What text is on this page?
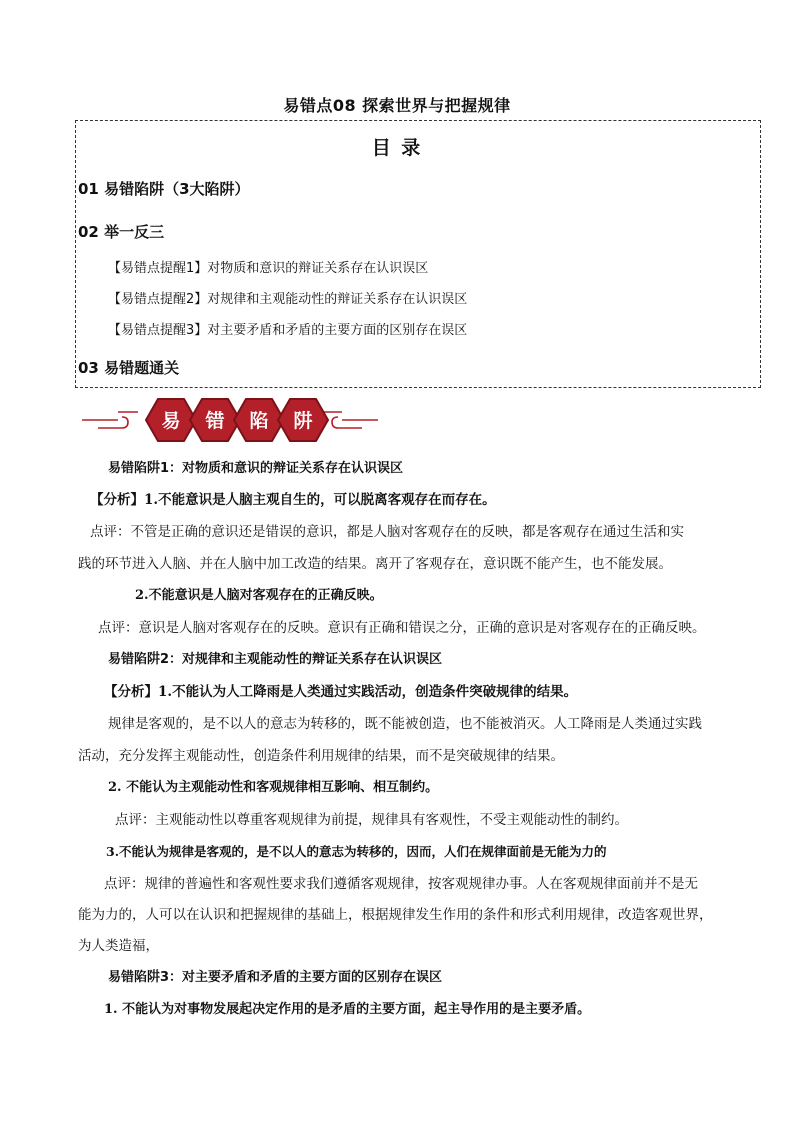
易错点08 探索世界与把握规律
目 录
01 易错陷阱（3大陷阱）
02 举一反三
【易错点提醒1】对物质和意识的辩证关系存在认识误区
【易错点提醒2】对规律和主观能动性的辩证关系存在认识误区
【易错点提醒3】对主要矛盾和矛盾的主要方面的区别存在误区
03 易错题通关
易 错 陷 阱
易错陷阱1：对物质和意识的辩证关系存在认识误区
【分析】1.不能意识是人脑主观自生的，可以脱离客观存在而存在。
点评：不管是正确的意识还是错误的意识，都是人脑对客观存在的反映，都是客观存在通过生活和实
践的环节进入人脑、并在人脑中加工改造的结果。离开了客观存在，意识既不能产生，也不能发展。
2.不能意识是人脑对客观存在的正确反映。
点评：意识是人脑对客观存在的反映。意识有正确和错误之分，正确的意识是对客观存在的正确反映。
易错陷阱2：对规律和主观能动性的辩证关系存在认识误区
【分析】1.不能认为人工降雨是人类通过实践活动，创造条件突破规律的结果。
规律是客观的，是不以人的意志为转移的，既不能被创造，也不能被消灭。人工降雨是人类通过实践
活动，充分发挥主观能动性，创造条件利用规律的结果，而不是突破规律的结果。
2. 不能认为主观能动性和客观规律相互影响、相互制约。
点评：主观能动性以尊重客观规律为前提，规律具有客观性，不受主观能动性的制约。
3.不能认为规律是客观的，是不以人的意志为转移的，因而，人们在规律面前是无能为力的
点评：规律的普遍性和客观性要求我们遵循客观规律，按客观规律办事。人在客观规律面前并不是无
能为力的，人可以在认识和把握规律的基础上，根据规律发生作用的条件和形式利用规律，改造客观世界，
为人类造福，
易错陷阱3：对主要矛盾和矛盾的主要方面的区别存在误区
1. 不能认为对事物发展起决定作用的是矛盾的主要方面，起主导作用的是主要矛盾。
